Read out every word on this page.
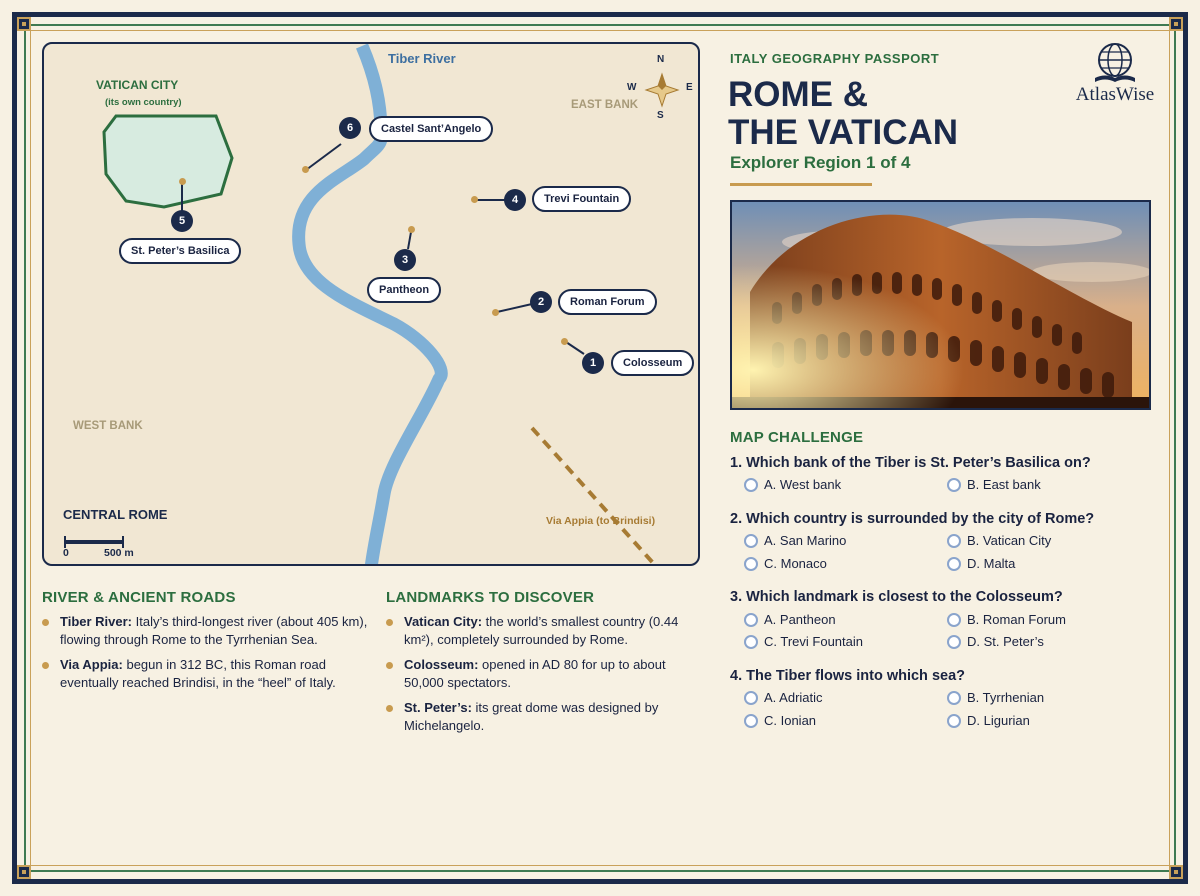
Tiber River
VATICAN CITY
(its own country)	EAST BANK
WEST BANK
CENTRAL ROME
0	500 m
Via Appia (to Brindisi)
N
S
E
W
5
St. Peter’s Basilica
6	Castel Sant’Angelo
4	Trevi Fountain
3
Pantheon
2	Roman Forum
1	Colosseum
RIVER & ANCIENT ROADS
Tiber River: Italy’s third-longest river (about 405 km), flowing through Rome to the Tyrrhenian Sea.
Via Appia: begun in 312 BC, this Roman road eventually reached Brindisi, in the “heel” of Italy.
LANDMARKS TO DISCOVER
Vatican City: the world’s smallest country (0.44 km²), completely surrounded by Rome.
Colosseum: opened in AD 80 for up to about 50,000 spectators.
St. Peter’s: its great dome was designed by Michelangelo.
ITALY GEOGRAPHY PASSPORT
ROME &
THE VATICAN
Explorer Region 1 of 4
AtlasWise
MAP CHALLENGE
1. Which bank of the Tiber is St. Peter’s Basilica on?
A. West bank	B. East bank
2. Which country is surrounded by the city of Rome?
A. San Marino	B. Vatican City
C. Monaco	D. Malta
3. Which landmark is closest to the Colosseum?
A. Pantheon	B. Roman Forum
C. Trevi Fountain	D. St. Peter’s
4. The Tiber flows into which sea?
A. Adriatic	B. Tyrrhenian
C. Ionian	D. Ligurian
